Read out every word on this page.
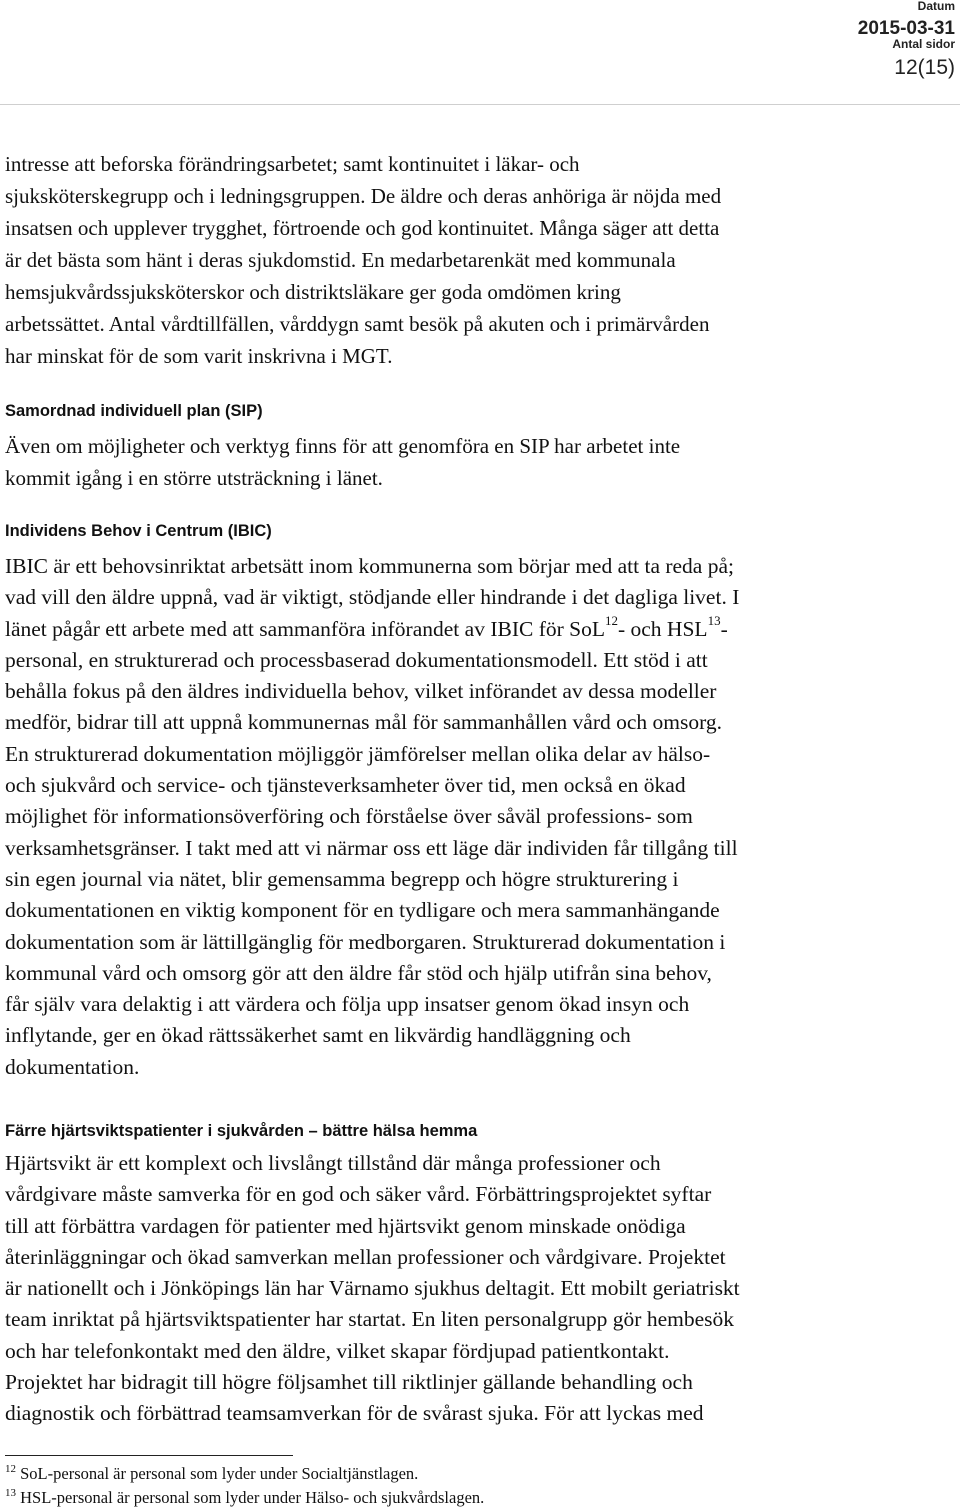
Datum
2015-03-31
Antal sidor
12(15)
intresse att beforska förändringsarbetet; samt kontinuitet i läkar- och
sjuksköterskegrupp och i ledningsgruppen. De äldre och deras anhöriga är nöjda med
insatsen och upplever trygghet, förtroende och god kontinuitet. Många säger att detta
är det bästa som hänt i deras sjukdomstid. En medarbetarenkät med kommunala
hemsjukvårdssjuksköterskor och distriktsläkare ger goda omdömen kring
arbetssättet. Antal vårdtillfällen, vårddygn samt besök på akuten och i primärvården
har minskat för de som varit inskrivna i MGT.
Samordnad individuell plan (SIP)
Även om möjligheter och verktyg finns för att genomföra en SIP har arbetet inte
kommit igång i en större utsträckning i länet.
Individens Behov i Centrum (IBIC)
IBIC är ett behovsinriktat arbetsätt inom kommunerna som börjar med att ta reda på;
vad vill den äldre uppnå, vad är viktigt, stödjande eller hindrande i det dagliga livet. I
länet pågår ett arbete med att sammanföra införandet av IBIC för SoL$^{12}$- och HSL$^{13}$-
personal, en strukturerad och processbaserad dokumentationsmodell. Ett stöd i att
behålla fokus på den äldres individuella behov, vilket införandet av dessa modeller
medför, bidrar till att uppnå kommunernas mål för sammanhållen vård och omsorg.
En strukturerad dokumentation möjliggör jämförelser mellan olika delar av hälso-
och sjukvård och service- och tjänsteverksamheter över tid, men också en ökad
möjlighet för informationsöverföring och förståelse över såväl professions- som
verksamhetsgränser. I takt med att vi närmar oss ett läge där individen får tillgång till
sin egen journal via nätet, blir gemensamma begrepp och högre strukturering i
dokumentationen en viktig komponent för en tydligare och mera sammanhängande
dokumentation som är lättillgänglig för medborgaren. Strukturerad dokumentation i
kommunal vård och omsorg gör att den äldre får stöd och hjälp utifrån sina behov,
får själv vara delaktig i att värdera och följa upp insatser genom ökad insyn och
inflytande, ger en ökad rättssäkerhet samt en likvärdig handläggning och
dokumentation.
Färre hjärtsviktspatienter i sjukvården – bättre hälsa hemma
Hjärtsvikt är ett komplext och livslångt tillstånd där många professioner och
vårdgivare måste samverka för en god och säker vård. Förbättringsprojektet syftar
till att förbättra vardagen för patienter med hjärtsvikt genom minskade onödiga
återinläggningar och ökad samverkan mellan professioner och vårdgivare. Projektet
är nationellt och i Jönköpings län har Värnamo sjukhus deltagit. Ett mobilt geriatriskt
team inriktat på hjärtsviktspatienter har startat. En liten personalgrupp gör hembesök
och har telefonkontakt med den äldre, vilket skapar fördjupad patientkontakt.
Projektet har bidragit till högre följsamhet till riktlinjer gällande behandling och
diagnostik och förbättrad teamsamverkan för de svårast sjuka. För att lyckas med
$^{12}$ SoL-personal är personal som lyder under Socialtjänstlagen.
$^{13}$ HSL-personal är personal som lyder under Hälso- och sjukvårdslagen.
